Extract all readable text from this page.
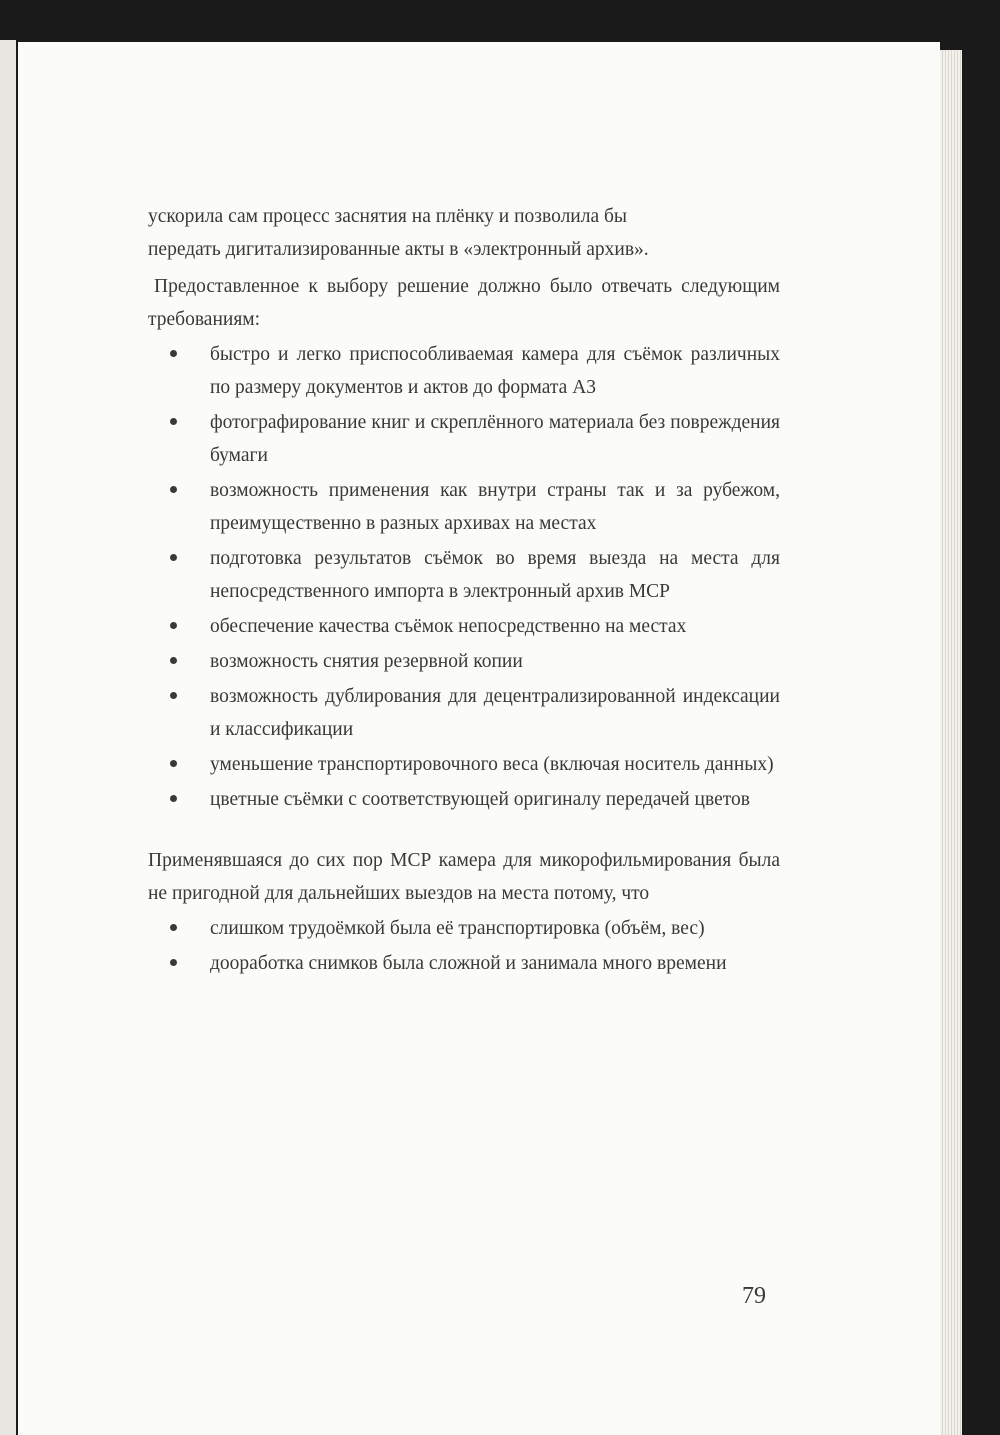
ускорила сам процесс заснятия на плёнку и позволила бы

передать дигитализированные акты в «электронный архив».

Предоставленное к выбору решение должно было отвечать следующим требованиям:

быстро и легко приспособливаемая камера для съёмок различных по размеру документов и актов до формата А3
фотографирование книг и скреплённого материала без повреждения бумаги
возможность применения как внутри страны так и за рубежом, преимущественно в разных архивах на местах
подготовка результатов съёмок во время выезда на места для непосредственного импорта в электронный архив МСР
обеспечение качества съёмок непосредственно на местах
возможность снятия резервной копии
возможность дублирования для децентрализированной индексации и классификации
уменьшение транспортировочного веса (включая носитель данных)
цветные съёмки с соответствующей оригиналу передачей цветов

Применявшаяся до сих пор МСР камера для микорофильмирования была не пригодной для дальнейших выездов на места потому, что

слишком трудоёмкой была её транспортировка (объём, вес)
дооработка снимков была сложной и занимала много времени
79
